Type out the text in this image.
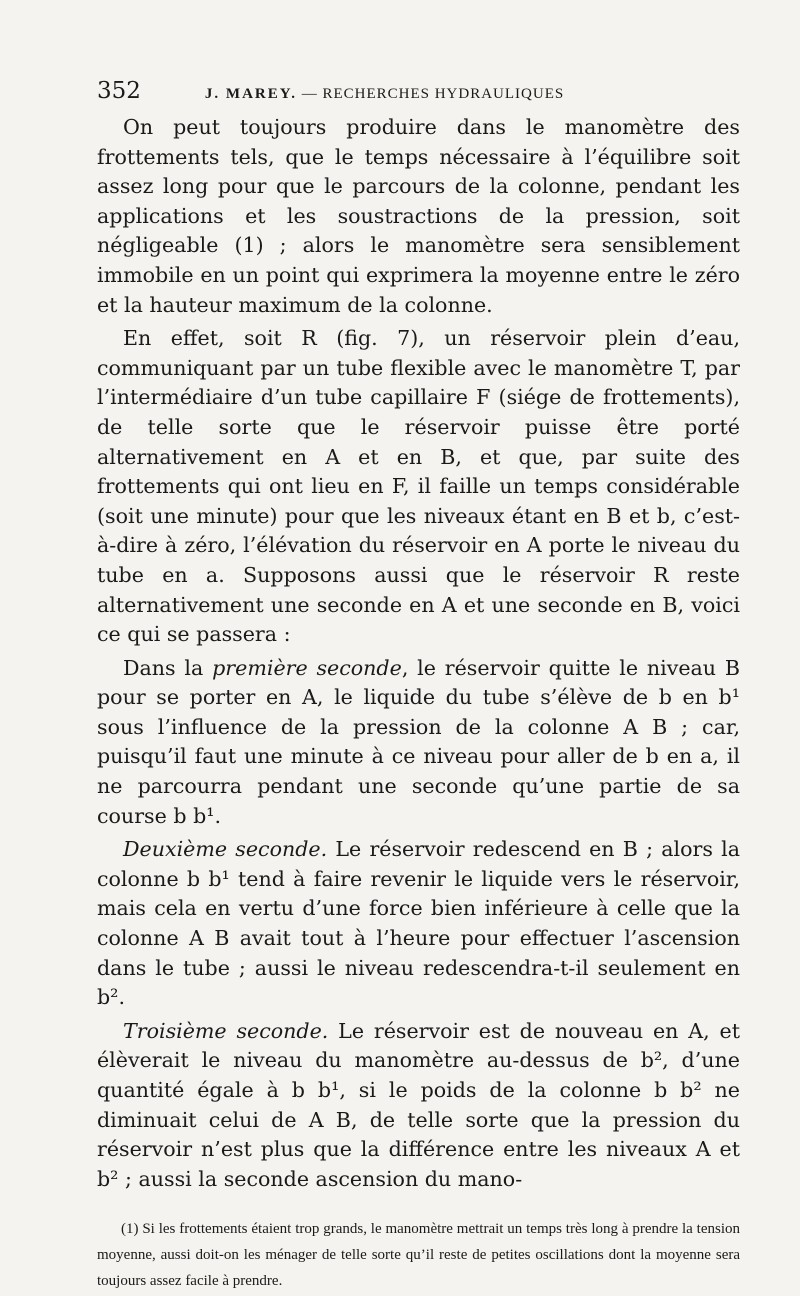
352	J. MAREY. — RECHERCHES HYDRAULIQUES

On peut toujours produire dans le manomètre des frottements tels, que le temps nécessaire à l’équilibre soit assez long pour que le parcours de la colonne, pendant les applications et les soustractions de la pression, soit négligeable (1) ; alors le manomètre sera sensiblement immobile en un point qui exprimera la moyenne entre le zéro et la hauteur maximum de la colonne.

En effet, soit R (fig. 7), un réservoir plein d’eau, communiquant par un tube flexible avec le manomètre T, par l’intermédiaire d’un tube capillaire F (siége de frottements), de telle sorte que le réservoir puisse être porté alternativement en A et en B, et que, par suite des frottements qui ont lieu en F, il faille un temps considérable (soit une minute) pour que les niveaux étant en B et b, c’est-à-dire à zéro, l’élévation du réservoir en A porte le niveau du tube en a. Supposons aussi que le réservoir R reste alternativement une seconde en A et une seconde en B, voici ce qui se passera :

Dans la première seconde, le réservoir quitte le niveau B pour se porter en A, le liquide du tube s’élève de b en b¹ sous l’influence de la pression de la colonne A B ; car, puisqu’il faut une minute à ce niveau pour aller de b en a, il ne parcourra pendant une seconde qu’une partie de sa course b b¹.

Deuxième seconde. Le réservoir redescend en B ; alors la colonne b b¹ tend à faire revenir le liquide vers le réservoir, mais cela en vertu d’une force bien inférieure à celle que la colonne A B avait tout à l’heure pour effectuer l’ascension dans le tube ; aussi le niveau redescendra-t-il seulement en b².

Troisième seconde. Le réservoir est de nouveau en A, et élèverait le niveau du manomètre au-dessus de b², d’une quantité égale à b b¹, si le poids de la colonne b b² ne diminuait celui de A B, de telle sorte que la pression du réservoir n’est plus que la différence entre les niveaux A et b² ; aussi la seconde ascension du mano-

(1) Si les frottements étaient trop grands, le manomètre mettrait un temps très long à prendre la tension moyenne, aussi doit-on les ménager de telle sorte qu’il reste de petites oscillations dont la moyenne sera toujours assez facile à prendre.
